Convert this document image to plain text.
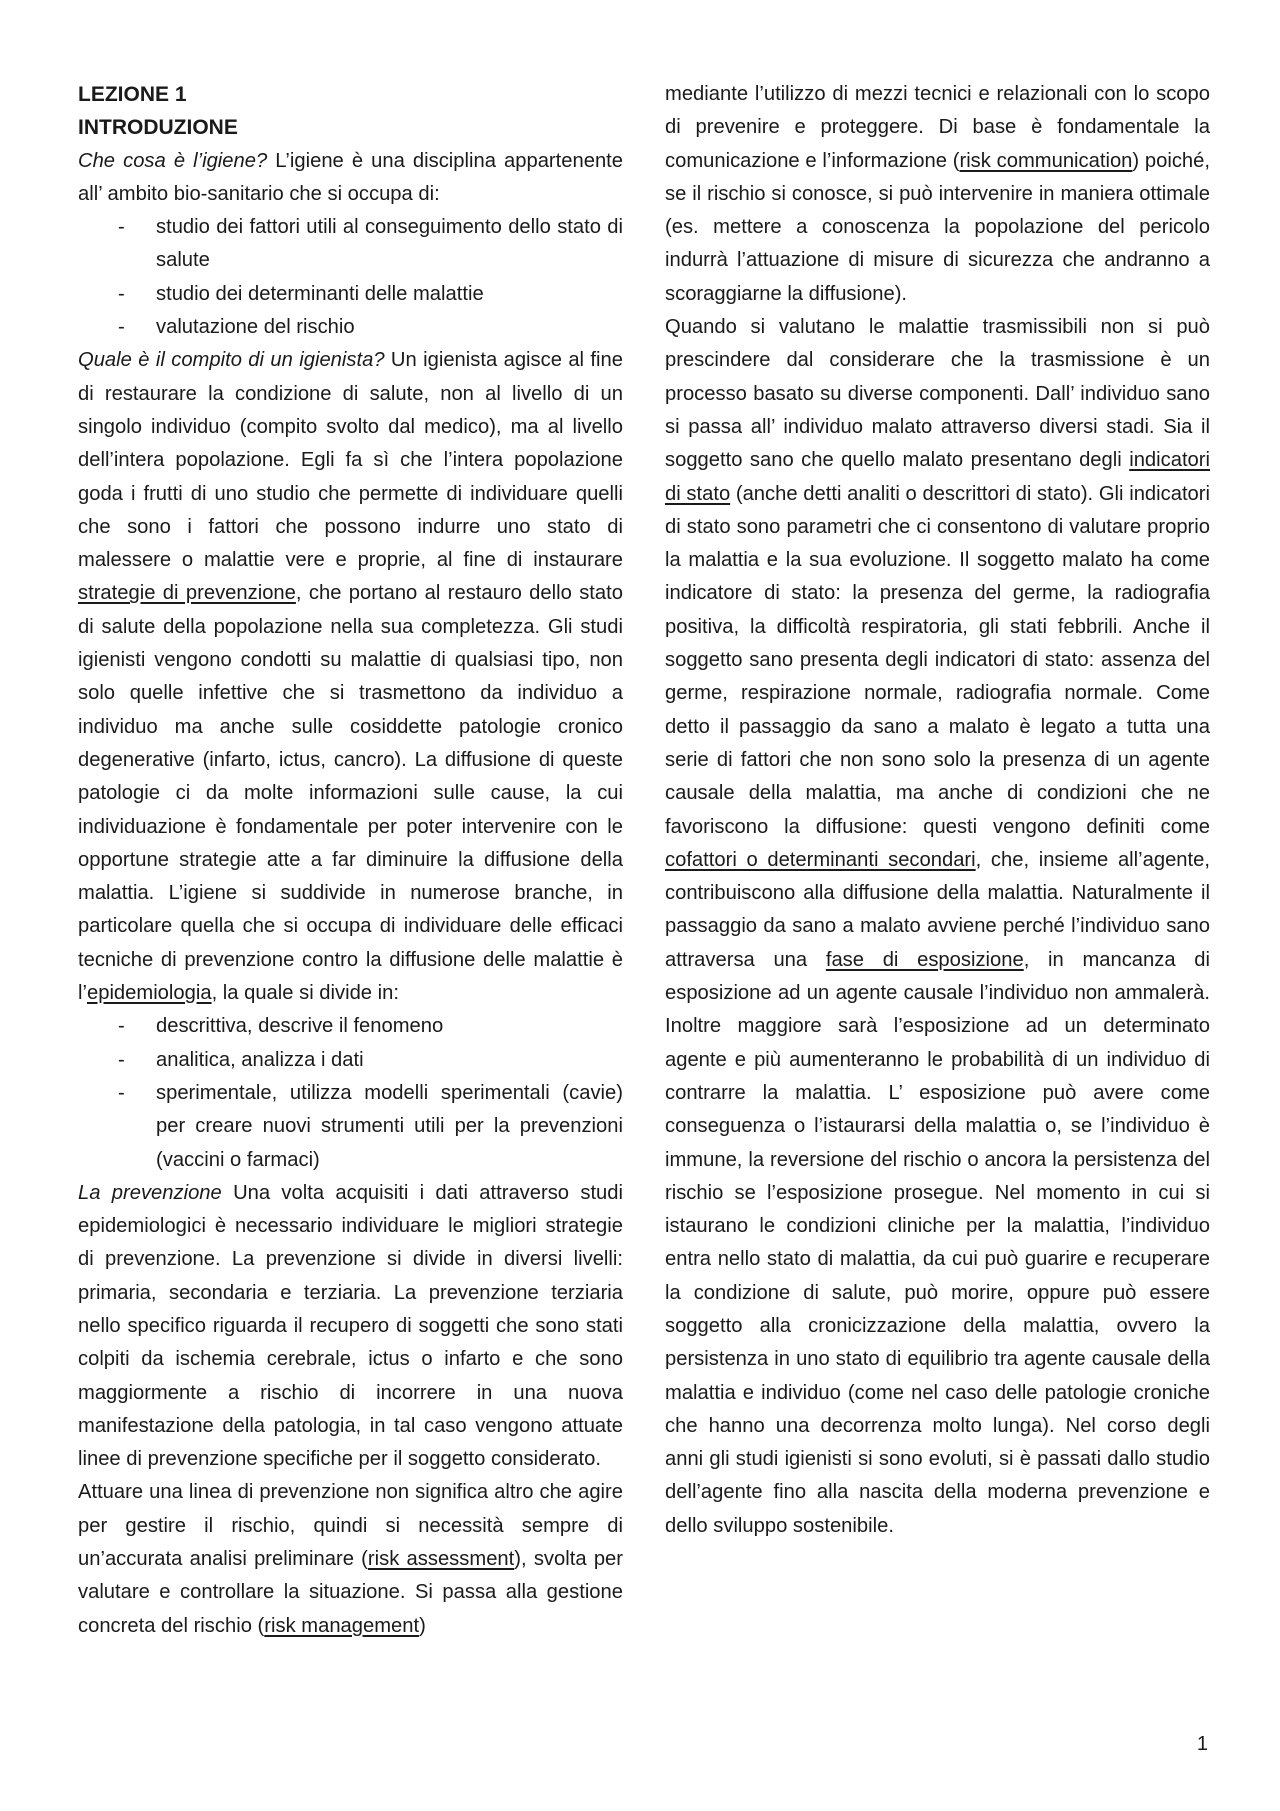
LEZIONE 1

INTRODUZIONE

Che cosa è l’igiene? L’igiene è una disciplina appartenente all’ ambito bio-sanitario che si occupa di:

- studio dei fattori utili al conseguimento dello stato di salute
- studio dei determinanti delle malattie
- valutazione del rischio

Quale è il compito di un igienista? Un igienista agisce al fine di restaurare la condizione di salute, non al livello di un singolo individuo (compito svolto dal medico), ma al livello dell’intera popolazione. Egli fa sì che l’intera popolazione goda i frutti di uno studio che permette di individuare quelli che sono i fattori che possono indurre uno stato di malessere o malattie vere e proprie, al fine di instaurare strategie di prevenzione, che portano al restauro dello stato di salute della popolazione nella sua completezza. Gli studi igienisti vengono condotti su malattie di qualsiasi tipo, non solo quelle infettive che si trasmettono da individuo a individuo ma anche sulle cosiddette patologie cronico degenerative (infarto, ictus, cancro). La diffusione di queste patologie ci da molte informazioni sulle cause, la cui individuazione è fondamentale per poter intervenire con le opportune strategie atte a far diminuire la diffusione della malattia. L’igiene si suddivide in numerose branche, in particolare quella che si occupa di individuare delle efficaci tecniche di prevenzione contro la diffusione delle malattie è l’epidemiologia, la quale si divide in:

- descrittiva, descrive il fenomeno
- analitica, analizza i dati
- sperimentale, utilizza modelli sperimentali (cavie) per creare nuovi strumenti utili per la prevenzioni (vaccini o farmaci)

La prevenzione Una volta acquisiti i dati attraverso studi epidemiologici è necessario individuare le migliori strategie di prevenzione. La prevenzione si divide in diversi livelli: primaria, secondaria e terziaria. La prevenzione terziaria nello specifico riguarda il recupero di soggetti che sono stati colpiti da ischemia cerebrale, ictus o infarto e che sono maggiormente a rischio di incorrere in una nuova manifestazione della patologia, in tal caso vengono attuate linee di prevenzione specifiche per il soggetto considerato.

Attuare una linea di prevenzione non significa altro che agire per gestire il rischio, quindi si necessità sempre di un’accurata analisi preliminare (risk assessment), svolta per valutare e controllare la situazione. Si passa alla gestione concreta del rischio (risk management)

mediante l’utilizzo di mezzi tecnici e relazionali con lo scopo di prevenire e proteggere. Di base è fondamentale la comunicazione e l’informazione (risk communication) poiché, se il rischio si conosce, si può intervenire in maniera ottimale (es. mettere a conoscenza la popolazione del pericolo indurrà l’attuazione di misure di sicurezza che andranno a scoraggiarne la diffusione).

Quando si valutano le malattie trasmissibili non si può prescindere dal considerare che la trasmissione è un processo basato su diverse componenti. Dall’ individuo sano si passa all’ individuo malato attraverso diversi stadi. Sia il soggetto sano che quello malato presentano degli indicatori di stato (anche detti analiti o descrittori di stato). Gli indicatori di stato sono parametri che ci consentono di valutare proprio la malattia e la sua evoluzione. Il soggetto malato ha come indicatore di stato: la presenza del germe, la radiografia positiva, la difficoltà respiratoria, gli stati febbrili. Anche il soggetto sano presenta degli indicatori di stato: assenza del germe, respirazione normale, radiografia normale. Come detto il passaggio da sano a malato è legato a tutta una serie di fattori che non sono solo la presenza di un agente causale della malattia, ma anche di condizioni che ne favoriscono la diffusione: questi vengono definiti come cofattori o determinanti secondari, che, insieme all’agente, contribuiscono alla diffusione della malattia. Naturalmente il passaggio da sano a malato avviene perché l’individuo sano attraversa una fase di esposizione, in mancanza di esposizione ad un agente causale l’individuo non ammalerà. Inoltre maggiore sarà l’esposizione ad un determinato agente e più aumenteranno le probabilità di un individuo di contrarre la malattia. L’ esposizione può avere come conseguenza o l’istaurarsi della malattia o, se l’individuo è immune, la reversione del rischio o ancora la persistenza del rischio se l’esposizione prosegue. Nel momento in cui si istaurano le condizioni cliniche per la malattia, l’individuo entra nello stato di malattia, da cui può guarire e recuperare la condizione di salute, può morire, oppure può essere soggetto alla cronicizzazione della malattia, ovvero la persistenza in uno stato di equilibrio tra agente causale della malattia e individuo (come nel caso delle patologie croniche che hanno una decorrenza molto lunga). Nel corso degli anni gli studi igienisti si sono evoluti, si è passati dallo studio dell’agente fino alla nascita della moderna prevenzione e dello sviluppo sostenibile.

1
